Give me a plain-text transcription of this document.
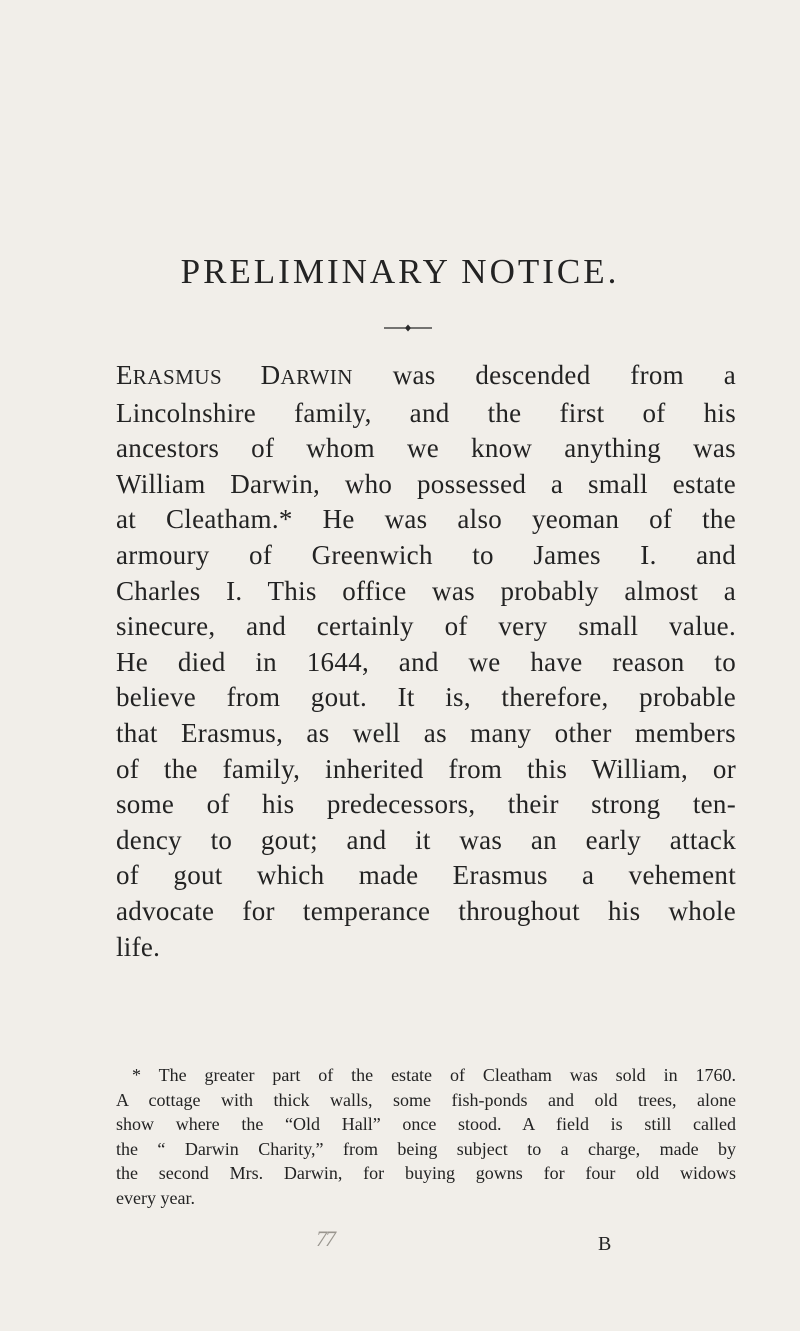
PRELIMINARY NOTICE.
ERASMUS DARWIN was descended from a
Lincolnshire family, and the first of his
ancestors of whom we know anything was
William Darwin, who possessed a small estate
at Cleatham.* He was also yeoman of the
armoury of Greenwich to James I. and
Charles I. This office was probably almost a
sinecure, and certainly of very small value.
He died in 1644, and we have reason to
believe from gout. It is, therefore, probable
that Erasmus, as well as many other members
of the family, inherited from this William, or
some of his predecessors, their strong ten-
dency to gout; and it was an early attack
of gout which made Erasmus a vehement
advocate for temperance throughout his whole
life.
* The greater part of the estate of Cleatham was sold in 1760.
A cottage with thick walls, some fish-ponds and old trees, alone
show where the “Old Hall” once stood. A field is still called
the “ Darwin Charity,” from being subject to a charge, made by
the second Mrs. Darwin, for buying gowns for four old widows
every year.
77	B
